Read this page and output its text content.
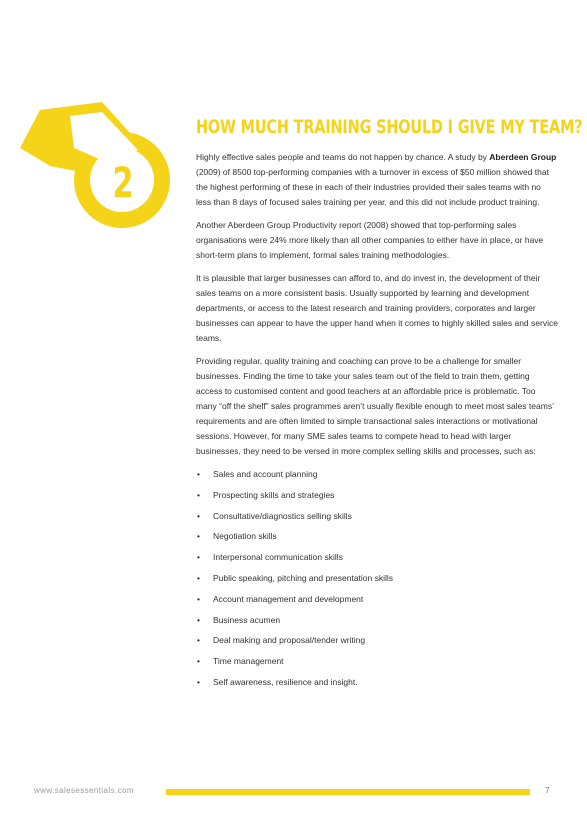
2
HOW MUCH TRAINING SHOULD I GIVE MY TEAM?

Highly effective sales people and teams do not happen by chance. A study by Aberdeen Group (2009) of 8500 top-performing companies with a turnover in excess of $50 million showed that the highest performing of these in each of their industries provided their sales teams with no less than 8 days of focused sales training per year, and this did not include product training.

Another Aberdeen Group Productivity report (2008) showed that top-performing sales organisations were 24% more likely than all other companies to either have in place, or have short-term plans to implement, formal sales training methodologies.

It is plausible that larger businesses can afford to, and do invest in, the development of their sales teams on a more consistent basis. Usually supported by learning and development departments, or access to the latest research and training providers, corporates and larger businesses can appear to have the upper hand when it comes to highly skilled sales and service teams.

Providing regular, quality training and coaching can prove to be a challenge for smaller businesses. Finding the time to take your sales team out of the field to train them, getting access to customised content and good teachers at an affordable price is problematic. Too many “off the shelf” sales programmes aren’t usually flexible enough to meet most sales teams’ requirements and are often limited to simple transactional sales interactions or motivational sessions. However, for many SME sales teams to compete head to head with larger businesses, they need to be versed in more complex selling skills and processes, such as:

• Sales and account planning
• Prospecting skills and strategies
• Consultative/diagnostics selling skills
• Negotiation skills
• Interpersonal communication skills
• Public speaking, pitching and presentation skills
• Account management and development
• Business acumen
• Deal making and proposal/tender writing
• Time management
• Self awareness, resilience and insight.
www.salesessentials.com	7
